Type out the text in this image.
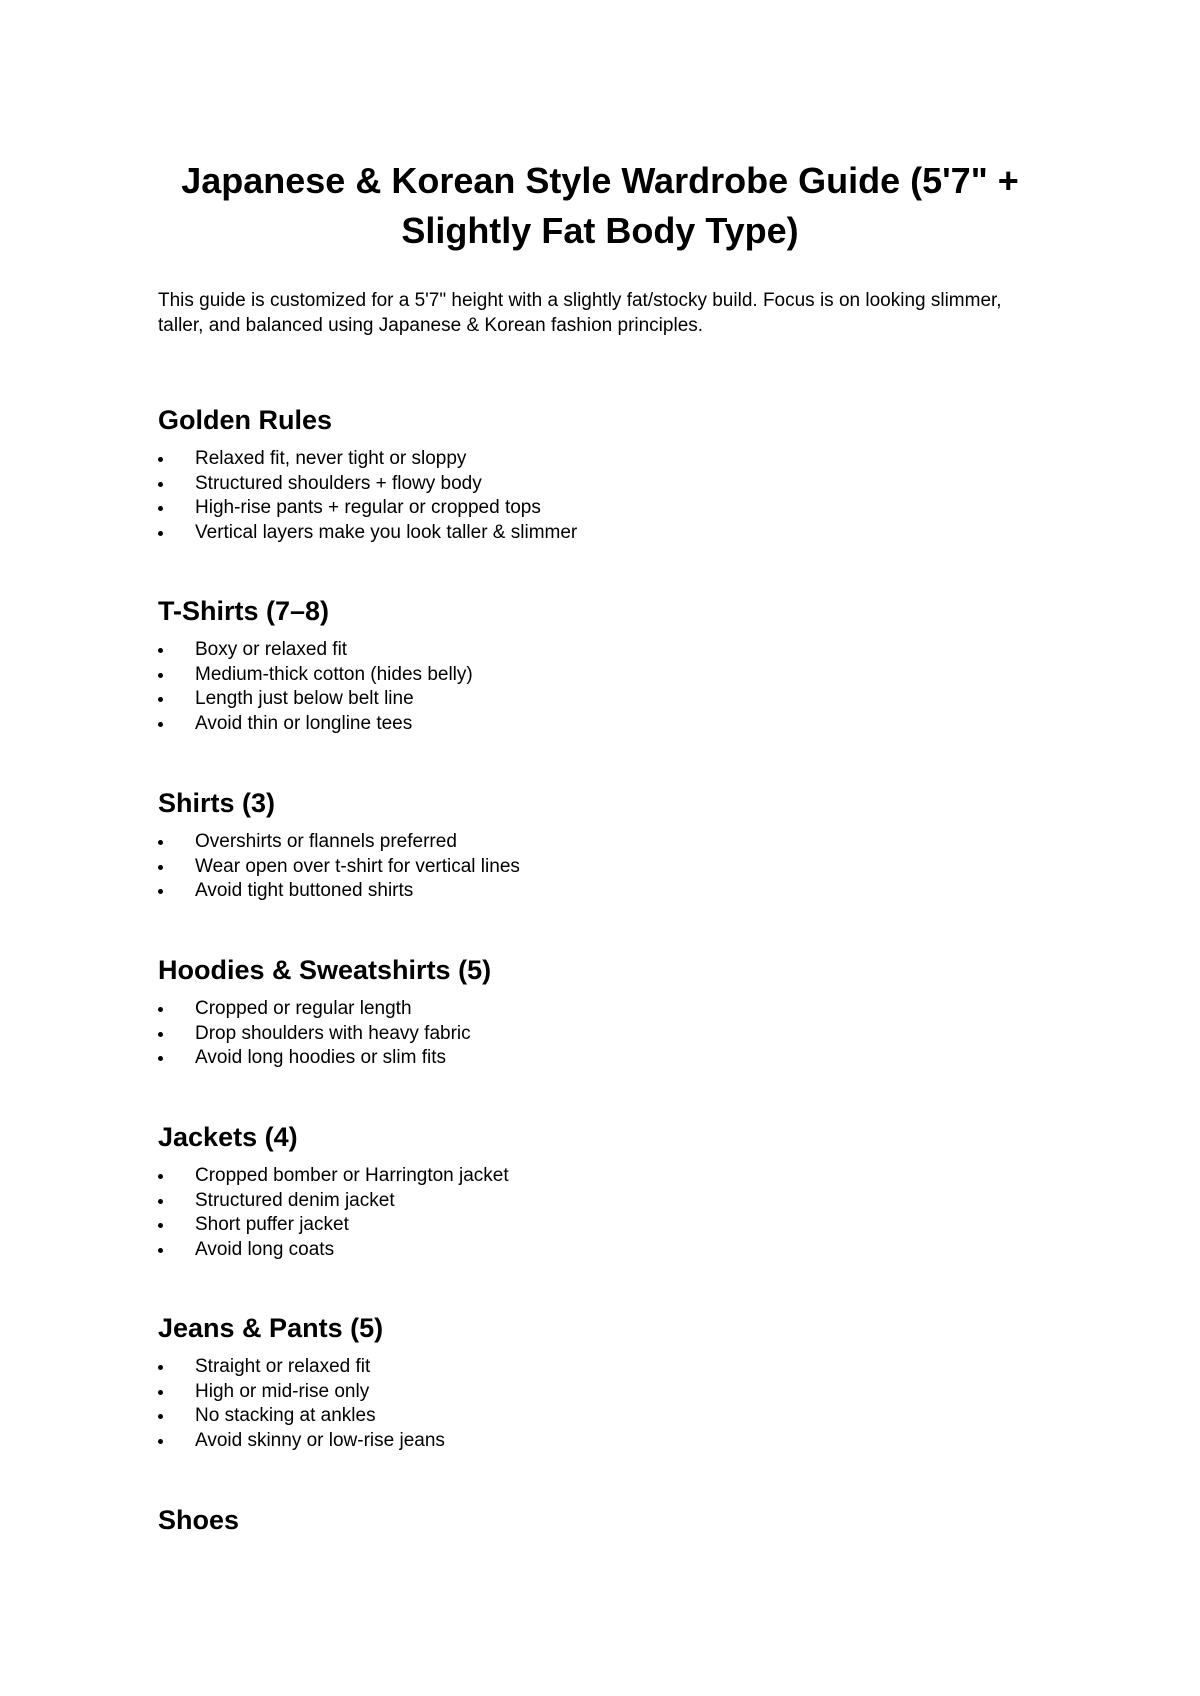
Japanese & Korean Style Wardrobe Guide (5'7" + Slightly Fat Body Type)

This guide is customized for a 5'7" height with a slightly fat/stocky build. Focus is on looking slimmer, taller, and balanced using Japanese & Korean fashion principles.

Golden Rules
Relaxed fit, never tight or sloppy
Structured shoulders + flowy body
High-rise pants + regular or cropped tops
Vertical layers make you look taller & slimmer
T-Shirts (7–8)
Boxy or relaxed fit
Medium-thick cotton (hides belly)
Length just below belt line
Avoid thin or longline tees
Shirts (3)
Overshirts or flannels preferred
Wear open over t-shirt for vertical lines
Avoid tight buttoned shirts
Hoodies & Sweatshirts (5)
Cropped or regular length
Drop shoulders with heavy fabric
Avoid long hoodies or slim fits
Jackets (4)
Cropped bomber or Harrington jacket
Structured denim jacket
Short puffer jacket
Avoid long coats
Jeans & Pants (5)
Straight or relaxed fit
High or mid-rise only
No stacking at ankles
Avoid skinny or low-rise jeans
Shoes
